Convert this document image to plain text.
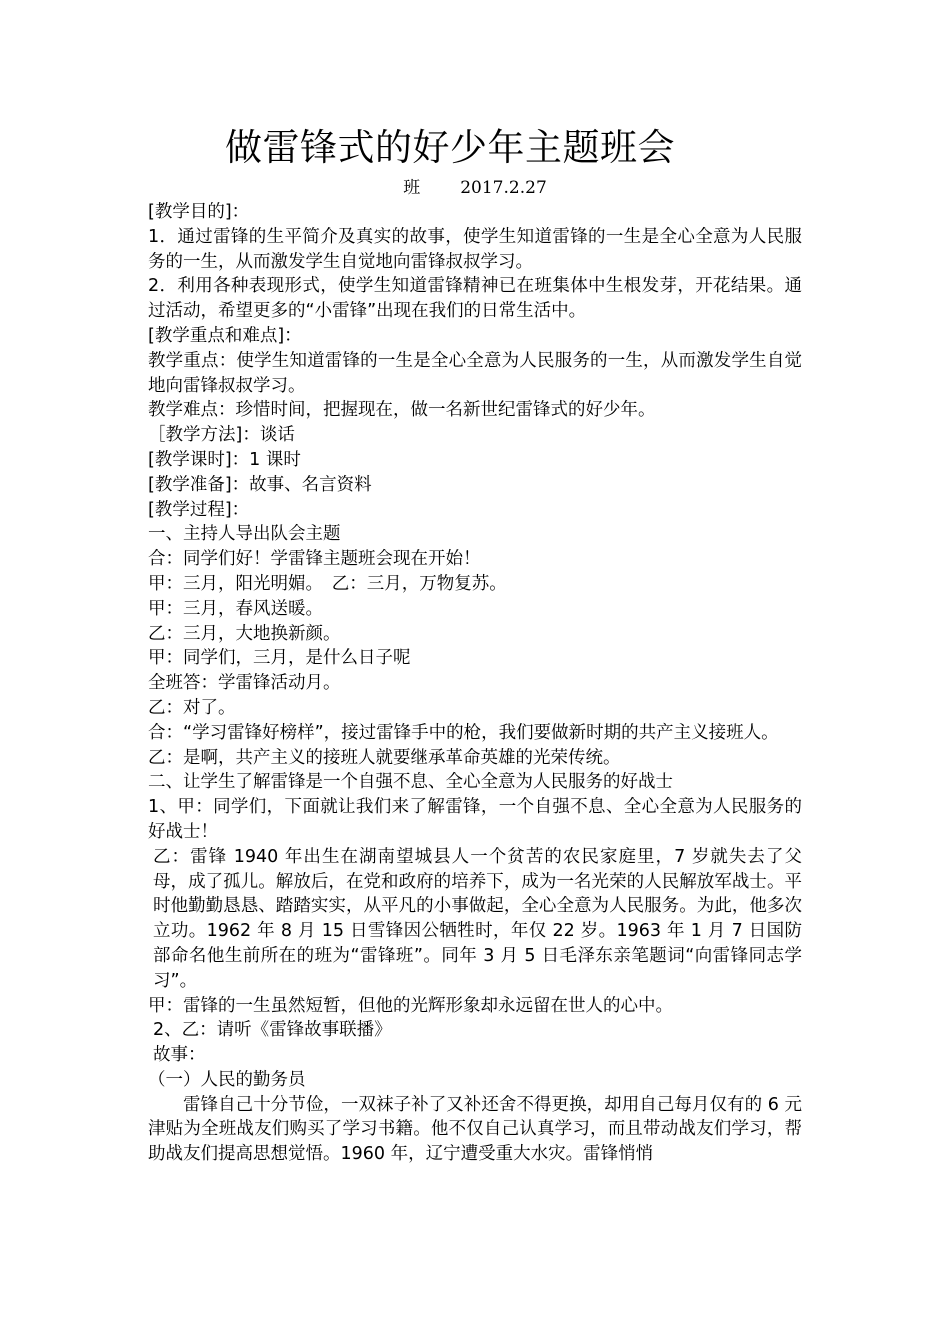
做雷锋式的好少年主题班会
班 2017.2.27

[教学目的]：

1．通过雷锋的生平简介及真实的故事，使学生知道雷锋的一生是全心全意为人民服务的一生，从而激发学生自觉地向雷锋叔叔学习。

2．利用各种表现形式，使学生知道雷锋精神已在班集体中生根发芽，开花结果。通过活动，希望更多的“小雷锋”出现在我们的日常生活中。

[教学重点和难点]：

教学重点：使学生知道雷锋的一生是全心全意为人民服务的一生，从而激发学生自觉地向雷锋叔叔学习。

教学难点：珍惜时间，把握现在，做一名新世纪雷锋式的好少年。

［教学方法]：谈话

[教学课时]：1 课时

[教学准备]：故事、名言资料

[教学过程]：

一、主持人导出队会主题

合：同学们好！学雷锋主题班会现在开始！

甲：三月，阳光明媚。　乙：三月，万物复苏。

甲：三月，春风送暖。

乙：三月，大地换新颜。

甲：同学们，三月，是什么日子呢

全班答：学雷锋活动月。

乙：对了。

合：“学习雷锋好榜样”，接过雷锋手中的枪，我们要做新时期的共产主义接班人。

乙：是啊，共产主义的接班人就要继承革命英雄的光荣传统。

二、让学生了解雷锋是一个自强不息、全心全意为人民服务的好战士

1、甲：同学们，下面就让我们来了解雷锋，一个自强不息、全心全意为人民服务的好战士！

乙：雷锋 1940 年出生在湖南望城县人一个贫苦的农民家庭里，7 岁就失去了父母，成了孤儿。解放后，在党和政府的培养下，成为一名光荣的人民解放军战士。平时他勤勤恳恳、踏踏实实，从平凡的小事做起，全心全意为人民服务。为此，他多次立功。1962 年 8 月 15 日雪锋因公牺牲时，年仅 22 岁。1963 年 1 月 7 日国防部命名他生前所在的班为“雷锋班”。同年 3 月 5 日毛泽东亲笔题词“向雷锋同志学习”。

甲：雷锋的一生虽然短暂，但他的光辉形象却永远留在世人的心中。

2、乙：请听《雷锋故事联播》

故事：

（一）人民的勤务员

雷锋自己十分节俭，一双袜子补了又补还舍不得更换，却用自己每月仅有的 6 元津贴为全班战友们购买了学习书籍。他不仅自己认真学习，而且带动战友们学习，帮助战友们提高思想觉悟。1960 年，辽宁遭受重大水灾。雷锋悄悄
